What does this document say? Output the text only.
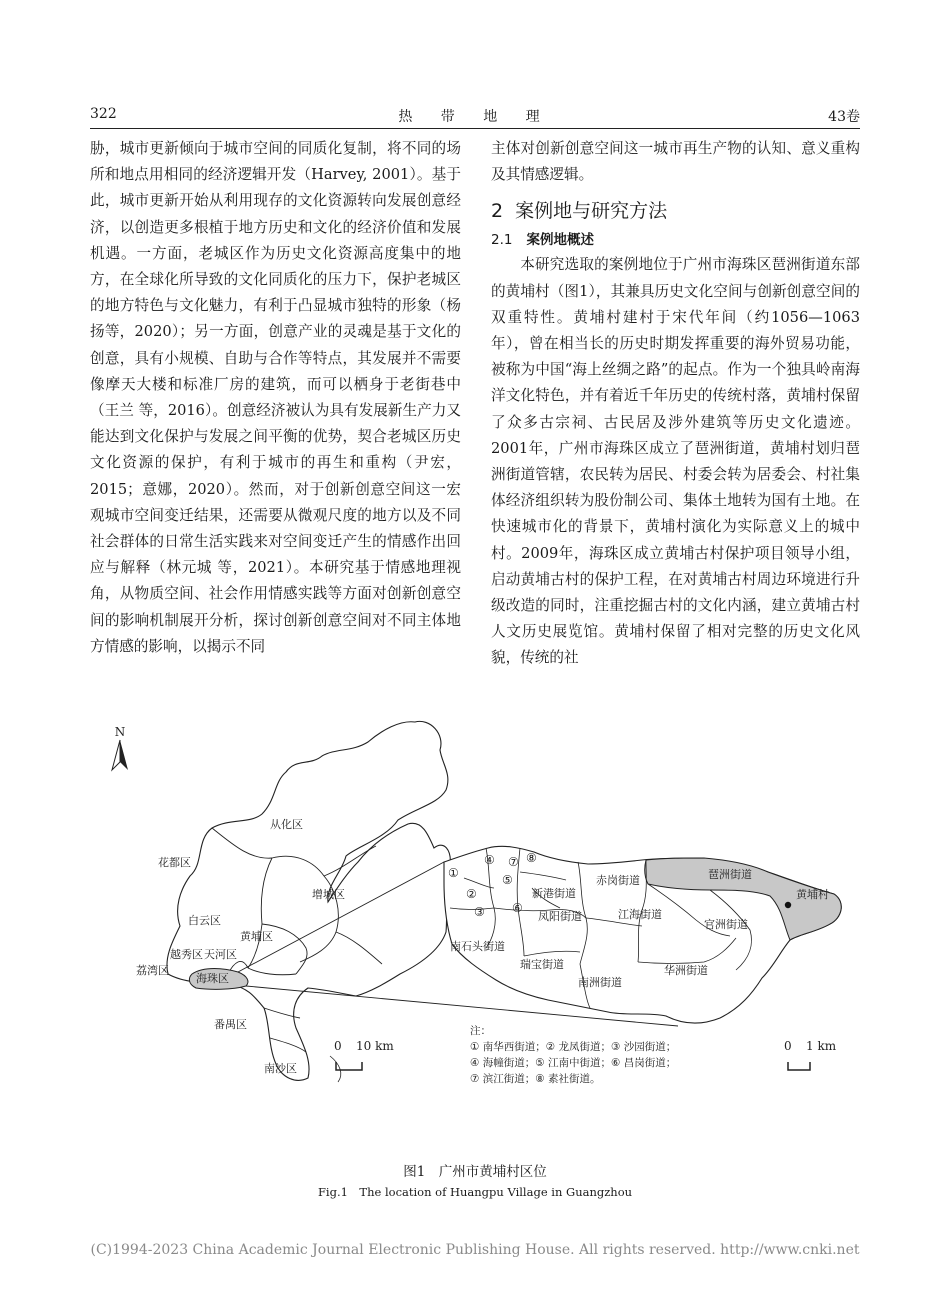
322	热 带 地 理	43卷

胁，城市更新倾向于城市空间的同质化复制，将不同的场所和地点用相同的经济逻辑开发（Harvey, 2001）。基于此，城市更新开始从利用现存的文化资源转向发展创意经济，以创造更多根植于地方历史和文化的经济价值和发展机遇。一方面，老城区作为历史文化资源高度集中的地方，在全球化所导致的文化同质化的压力下，保护老城区的地方特色与文化魅力，有利于凸显城市独特的形象（杨扬等，2020）；另一方面，创意产业的灵魂是基于文化的创意，具有小规模、自助与合作等特点，其发展并不需要像摩天大楼和标准厂房的建筑，而可以栖身于老街巷中（王兰 等，2016）。创意经济被认为具有发展新生产力又能达到文化保护与发展之间平衡的优势，契合老城区历史文化资源的保护，有利于城市的再生和重构（尹宏，2015；意娜，2020）。然而，对于创新创意空间这一宏观城市空间变迁结果，还需要从微观尺度的地方以及不同社会群体的日常生活实践来对空间变迁产生的情感作出回应与解释（林元城 等，2021）。本研究基于情感地理视角，从物质空间、社会作用情感实践等方面对创新创意空间的影响机制展开分析，探讨创新创意空间对不同主体地方情感的影响，以揭示不同

主体对创新创意空间这一城市再生产物的认知、意义重构及其情感逻辑。

2 案例地与研究方法
2.1 案例地概述

本研究选取的案例地位于广州市海珠区琶洲街道东部的黄埔村（图1），其兼具历史文化空间与创新创意空间的双重特性。黄埔村建村于宋代年间（约1056—1063年），曾在相当长的历史时期发挥重要的海外贸易功能，被称为中国“海上丝绸之路”的起点。作为一个独具岭南海洋文化特色，并有着近千年历史的传统村落，黄埔村保留了众多古宗祠、古民居及涉外建筑等历史文化遗迹。2001年，广州市海珠区成立了琶洲街道，黄埔村划归琶洲街道管辖，农民转为居民、村委会转为居委会、村社集体经济组织转为股份制公司、集体土地转为国有土地。在快速城市化的背景下，黄埔村演化为实际意义上的城中村。2009年，海珠区成立黄埔古村保护项目领导小组，启动黄埔古村的保护工程，在对黄埔古村周边环境进行升级改造的同时，注重挖掘古村的文化内涵，建立黄埔古村人文历史展览馆。黄埔村保留了相对完整的历史文化风貌，传统的社

N
从化区
花都区
增城区
白云区
黄埔区
越秀区 天河区
荔湾区
海珠区
番禺区
南沙区
新港街道
赤岗街道	琶洲街道
黄埔村
凤阳街道	江海街道
官洲街道
南石头街道
瑞宝街道	华洲街道
南洲街道
①
②
③
④
⑤
⑥
⑦ ⑧
0 10 km
注：
① 南华西街道；② 龙凤街道；③ 沙园街道；
④ 海幢街道；⑤ 江南中街道；⑥ 昌岗街道；
⑦ 滨江街道；⑧ 素社街道。
0 1 km
图1　广州市黄埔村区位
Fig.1　The location of Huangpu Village in Guangzhou
(C)1994-2023 China Academic Journal Electronic Publishing House. All rights reserved. http://www.cnki.net
